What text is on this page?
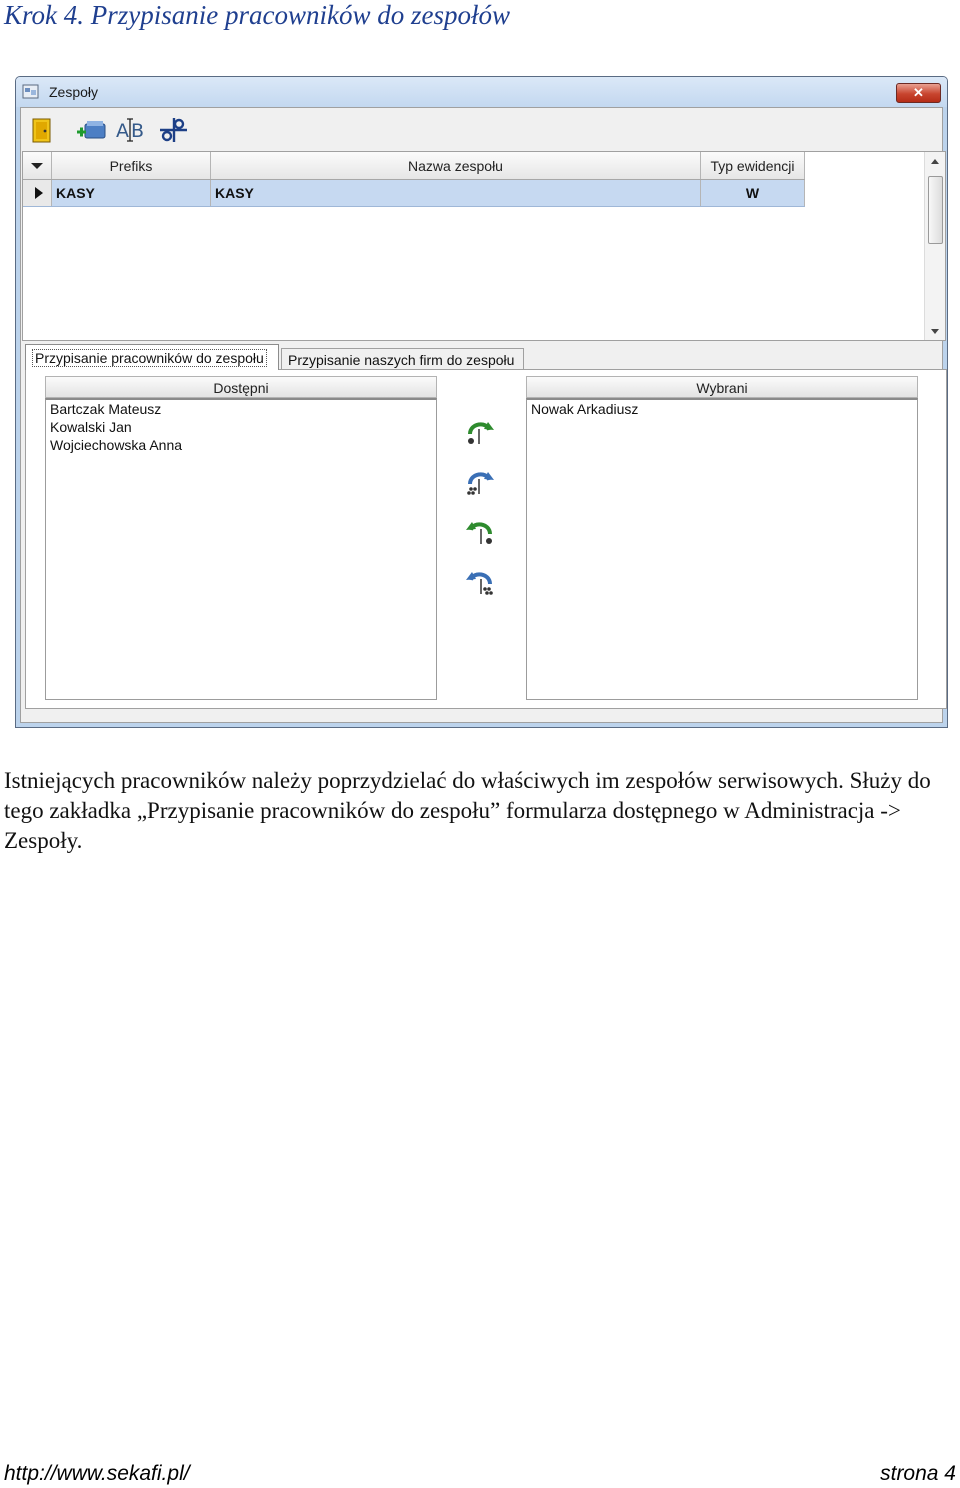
Krok 4. Przypisanie pracowników do zespołów
Zespoły	✕
A B
Prefiks	Nazwa zespołu	Typ ewidencji
KASY	KASY	W
Przypisanie naszych firm do zespołu
Dostępni
Bartczak Mateusz
Kowalski Jan
Wojciechowska Anna
Wybrani
Nowak Arkadiusz
Przypisanie pracowników do zespołu
Istniejących pracowników należy poprzydzielać do właściwych im zespołów serwisowych. Służy do tego zakładka „Przypisanie pracowników do zespołu” formularza dostępnego w Administracja -> Zespoły.
http://www.sekafi.pl/	strona 4
